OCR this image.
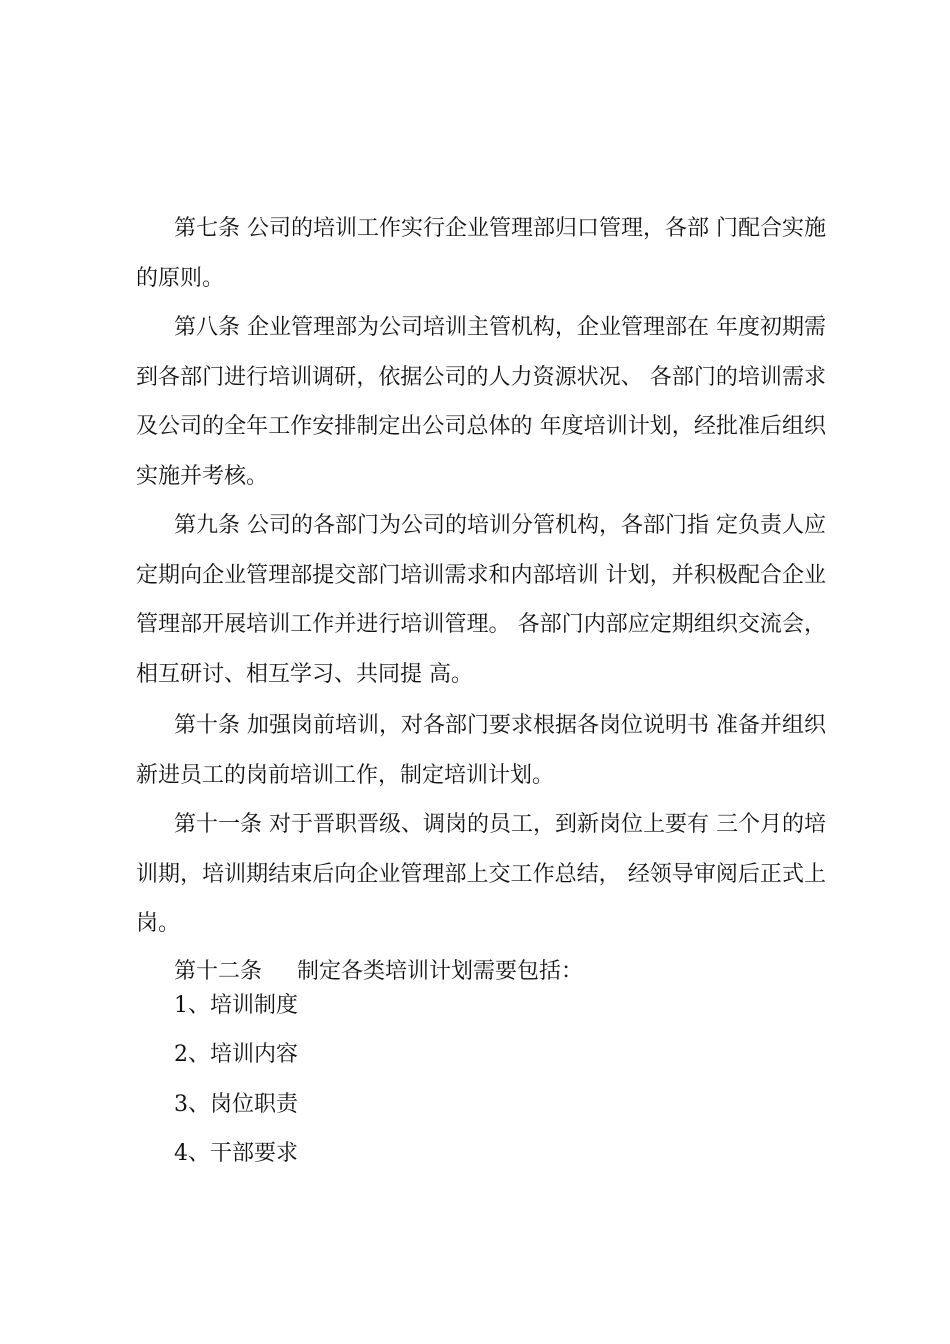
第七条 公司的培训工作实行企业管理部归口管理，各部 门配合实施的原则。

第八条 企业管理部为公司培训主管机构，企业管理部在 年度初期需到各部门进行培训调研，依据公司的人力资源状况、 各部门的培训需求及公司的全年工作安排制定出公司总体的 年度培训计划，经批准后组织实施并考核。

第九条 公司的各部门为公司的培训分管机构，各部门指 定负责人应定期向企业管理部提交部门培训需求和内部培训 计划，并积极配合企业管理部开展培训工作并进行培训管理。 各部门内部应定期组织交流会，相互研讨、相互学习、共同提 高。

第十条 加强岗前培训，对各部门要求根据各岗位说明书 准备并组织新进员工的岗前培训工作，制定培训计划。

第十一条 对于晋职晋级、调岗的员工，到新岗位上要有 三个月的培训期，培训期结束后向企业管理部上交工作总结， 经领导审阅后正式上岗。

第十二条     制定各类培训计划需要包括：

1、培训制度

2、培训内容

3、岗位职责

4、干部要求
